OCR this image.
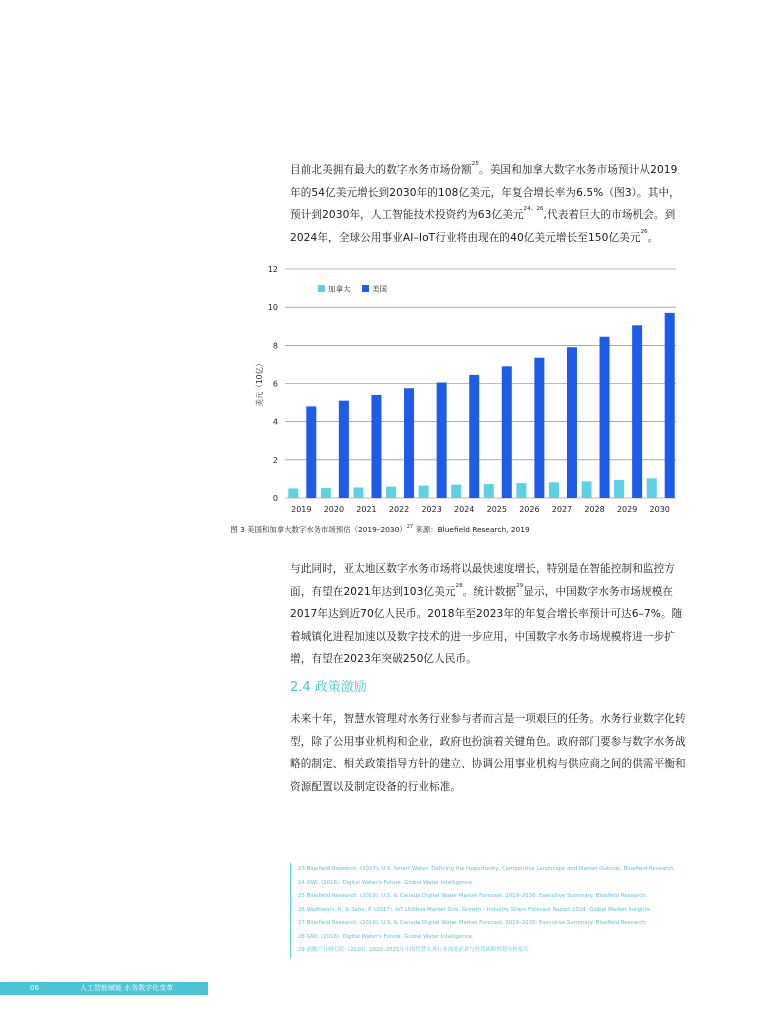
目前北美拥有最大的数字水务市场份额$^{25}$。美国和加拿大数字水务市场预计从2019年的54亿美元增长到2030年的108亿美元，年复合增长率为6.5%（图3）。其中，预计到2030年，人工智能技术投资约为63亿美元$^{24、26}$,代表着巨大的市场机会。到2024年，全球公用事业AI–IoT行业将由现在的40亿美元增长至150亿美元$^{26}$。

0
2
4
6
8
10
12
美元（10亿）
2019 2020 2021 2022 2023 2024 2025 2026 2027 2028 2029 2030
加拿大	美国
图 3 美国和加拿大数字水务市场预估（2019–2030）$^{27}$ 来源：Bluefield Research, 2019

与此同时，亚太地区数字水务市场将以最快速度增长，特别是在智能控制和监控方面，有望在2021年达到103亿美元$^{28}$。统计数据$^{29}$显示，中国数字水务市场规模在2017年达到近70亿人民币。2018年至2023年的年复合增长率预计可达6–7%。随着城镇化进程加速以及数字技术的进一步应用，中国数字水务市场规模将进一步扩增，有望在2023年突破250亿人民币。

2.4 政策激励

未来十年，智慧水管理对水务行业参与者而言是一项艰巨的任务。水务行业数字化转型，除了公用事业机构和企业，政府也扮演着关键角色。政府部门要参与数字水务战略的制定、相关政策指导方针的建立、协调公用事业机构与供应商之间的供需平衡和资源配置以及制定设备的行业标准。

23 Bluefield Research. (2017). U.S. Smart Water: Defining the Opportunity, Competitive Landscape and Market Outlook. Bluefield Research.
24 GWI. (2016). Digital Water's Future. Global Water Intelligence.
25 Bluefield Research. (2019). U.S. & Canada Digital Water Market Forecast, 2019–2030: Executive Summary. Bluefield Research.
26 Wadhwani, P., & Saha, P. (2017). IoT Utilities Market Size, Growth - Industry Share Forecast Report 2024. Global Market Insights.
27 Bluefield Research. (2019). U.S. & Canada Digital Water Market Forecast, 2019–2030: Executive Summary. Bluefield Research.
28 GWI. (2016). Digital Water's Future. Global Water Intelligence.
29 前瞻产业研究院. (2020). 2020–2025年中国智慧水务行业深度前景与投资战略规划分析报告.
06	人工智能赋能 水务数字化变革
